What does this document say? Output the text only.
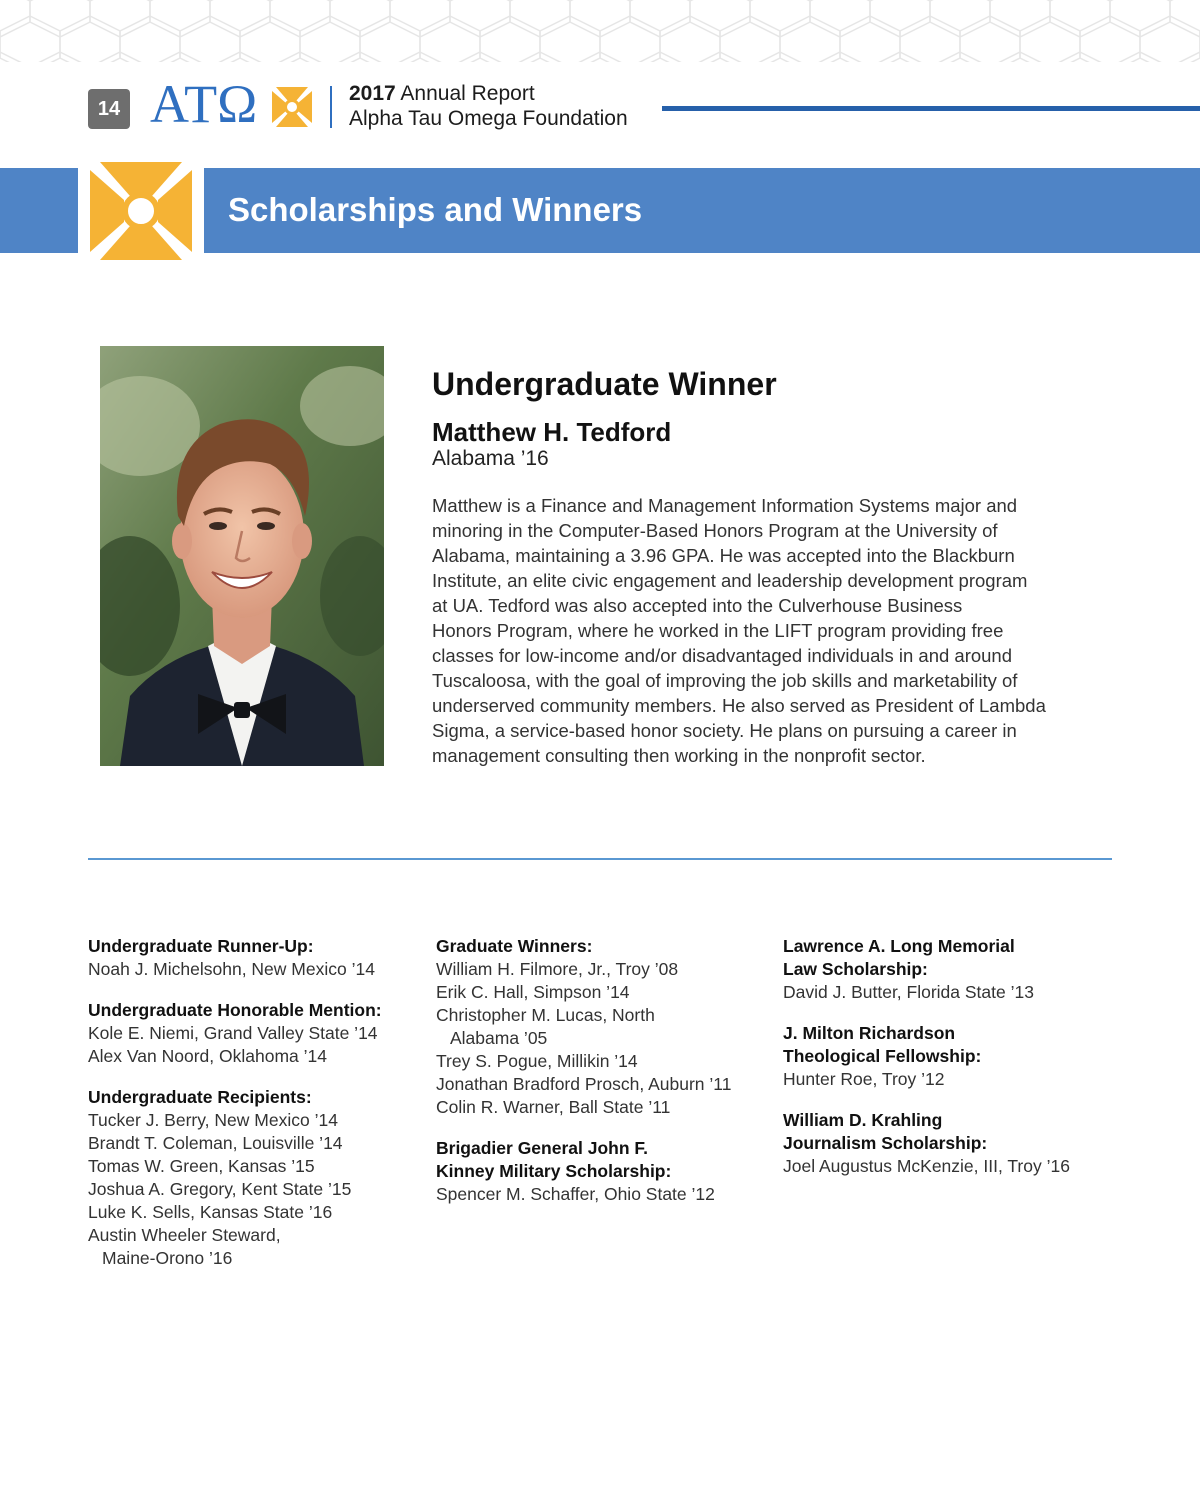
14 ΑΤΩ	2017 Annual Report
Alpha Tau Omega Foundation
Scholarships and Winners
Undergraduate Winner
Matthew H. Tedford
Alabama ’16
Matthew is a Finance and Management Information Systems major and
minoring in the Computer-Based Honors Program at the University of
Alabama, maintaining a 3.96 GPA. He was accepted into the Blackburn
Institute, an elite civic engagement and leadership development program
at UA. Tedford was also accepted into the Culverhouse Business
Honors Program, where he worked in the LIFT program providing free
classes for low-income and/or disadvantaged individuals in and around
Tuscaloosa, with the goal of improving the job skills and marketability of
underserved community members. He also served as President of Lambda
Sigma, a service-based honor society. He plans on pursuing a career in
management consulting then working in the nonprofit sector.
Undergraduate Runner-Up:
Noah J. Michelsohn, New Mexico ’14
Undergraduate Honorable Mention:
Kole E. Niemi, Grand Valley State ’14
Alex Van Noord, Oklahoma ’14
Undergraduate Recipients:
Tucker J. Berry, New Mexico ’14
Brandt T. Coleman, Louisville ’14
Tomas W. Green, Kansas ’15
Joshua A. Gregory, Kent State ’15
Luke K. Sells, Kansas State ’16
Austin Wheeler Steward,
Maine-Orono ’16
Graduate Winners:
William H. Filmore, Jr., Troy ’08
Erik C. Hall, Simpson ’14
Christopher M. Lucas, North
Alabama ’05
Trey S. Pogue, Millikin ’14
Jonathan Bradford Prosch, Auburn ’11
Colin R. Warner, Ball State ’11
Brigadier General John F.
Kinney Military Scholarship:
Spencer M. Schaffer, Ohio State ’12
Lawrence A. Long Memorial
Law Scholarship:
David J. Butter, Florida State ’13
J. Milton Richardson
Theological Fellowship:
Hunter Roe, Troy ’12
William D. Krahling
Journalism Scholarship:
Joel Augustus McKenzie, III, Troy ’16
